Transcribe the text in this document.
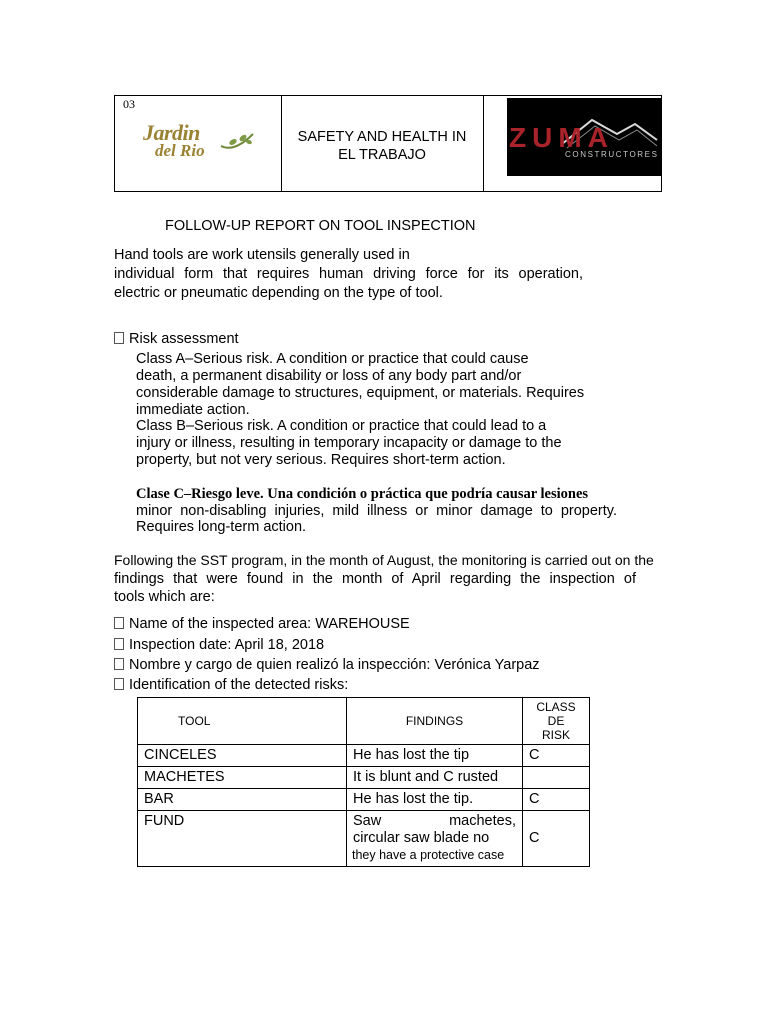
03
Jardin
del Rio
SAFETY AND HEALTH IN
EL TRABAJO
ZUMA
CONSTRUCTORES
FOLLOW-UP REPORT ON TOOL INSPECTION
Hand tools are work utensils generally used in
individual form that requires human driving force for its operation,
electric or pneumatic depending on the type of tool.
Risk assessment
Class A–Serious risk. A condition or practice that could cause
death, a permanent disability or loss of any body part and/or
considerable damage to structures, equipment, or materials. Requires
immediate action.
Class B–Serious risk. A condition or practice that could lead to a
injury or illness, resulting in temporary incapacity or damage to the
property, but not very serious. Requires short-term action.
Clase C–Riesgo leve. Una condición o práctica que podría causar lesiones
minor non-disabling injuries, mild illness or minor damage to property.
Requires long-term action.
Following the SST program, in the month of August, the monitoring is carried out on the
findings that were found in the month of April regarding the inspection of
tools which are:
Name of the inspected area: WAREHOUSE
Inspection date: April 18, 2018
Nombre y cargo de quien realizó la inspección: Verónica Yarpaz
Identification of the detected risks:
TOOL	FINDINGS	CLASS
DE
RISK
CINCELES	He has lost the tip	C
MACHETES	It is blunt and C rusted	
BAR	He has lost the tip.	C
FUND	Saw machetes,
circular saw blade no
they have a protective case	C
